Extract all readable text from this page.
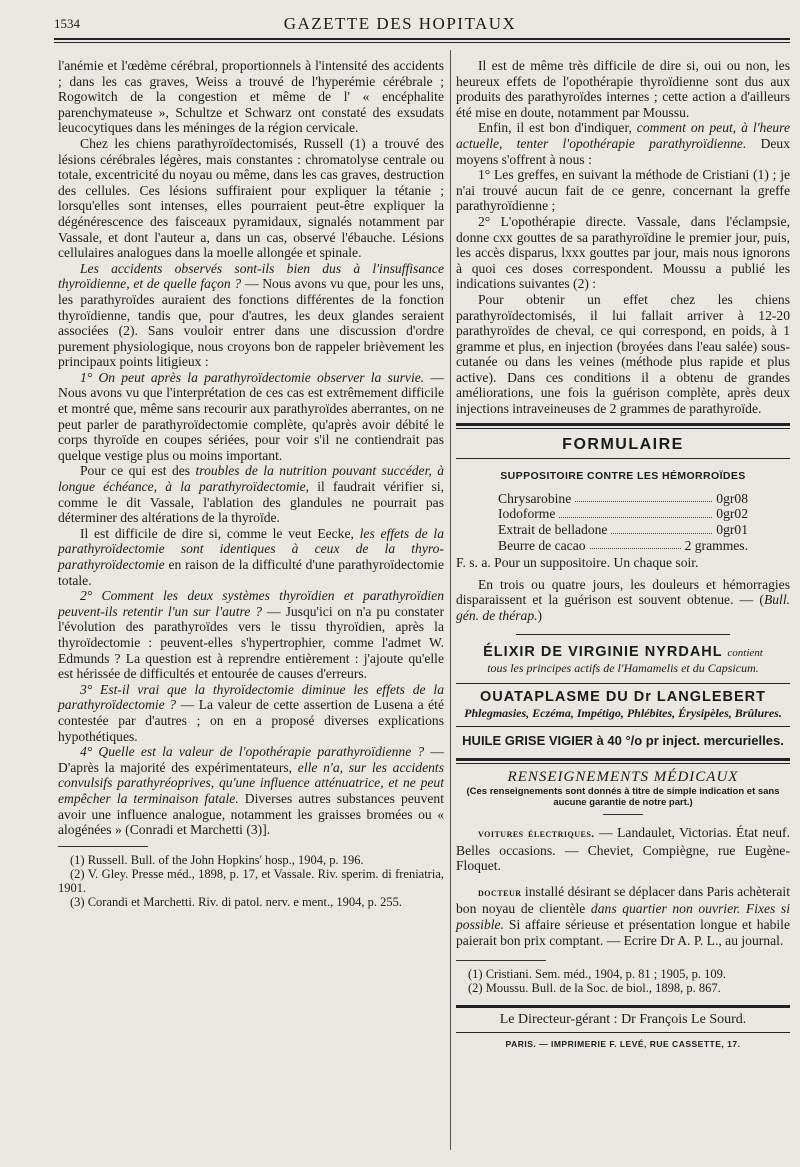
1534	GAZETTE DES HOPITAUX

l'anémie et l'œdème cérébral, proportionnels à l'intensité des accidents ; dans les cas graves, Weiss a trouvé de l'hyperémie cérébrale ; Rogowitch de la congestion et même de l' « encéphalite parenchymateuse », Schultze et Schwarz ont constaté des exsudats leucocytiques dans les méninges de la région cervicale.

Chez les chiens parathyroïdectomisés, Russell (1) a trouvé des lésions cérébrales légères, mais constantes : chromatolyse centrale ou totale, excentricité du noyau ou même, dans les cas graves, destruction des cellules. Ces lésions suffiraient pour expliquer la tétanie ; lorsqu'elles sont intenses, elles pourraient peut-être expliquer la dégénérescence des faisceaux pyramidaux, signalés notamment par Vassale, et dont l'auteur a, dans un cas, observé l'ébauche. Lésions cellulaires analogues dans la moelle allongée et spinale.

Les accidents observés sont-ils bien dus à l'insuffisance thyroïdienne, et de quelle façon ? — Nous avons vu que, pour les uns, les parathyroïdes auraient des fonctions différentes de la fonction thyroïdienne, tandis que, pour d'autres, les deux glandes seraient associées (2). Sans vouloir entrer dans une discussion d'ordre purement physiologique, nous croyons bon de rappeler brièvement les principaux points litigieux :

1° On peut après la parathyroïdectomie observer la survie. — Nous avons vu que l'interprétation de ces cas est extrêmement difficile et montré que, même sans recourir aux parathyroïdes aberrantes, on ne peut parler de parathyroïdectomie complète, qu'après avoir débité le corps thyroïde en coupes sériées, pour voir s'il ne contiendrait pas quelque vestige plus ou moins important.

Pour ce qui est des troubles de la nutrition pouvant succéder, à longue échéance, à la parathyroïdectomie, il faudrait vérifier si, comme le dit Vassale, l'ablation des glandules ne pourrait pas déterminer des altérations de la thyroïde.

Il est difficile de dire si, comme le veut Eecke, les effets de la parathyroïdectomie sont identiques à ceux de la thyro-parathyroïdectomie en raison de la difficulté d'une parathyroïdectomie totale.

2° Comment les deux systèmes thyroïdien et parathyroïdien peuvent-ils retentir l'un sur l'autre ? — Jusqu'ici on n'a pu constater l'évolution des parathyroïdes vers le tissu thyroïdien, après la thyroïdectomie : peuvent-elles s'hypertrophier, comme l'admet W. Edmunds ? La question est à reprendre entièrement : j'ajoute qu'elle est hérissée de difficultés et entourée de causes d'erreurs.

3° Est-il vrai que la thyroïdectomie diminue les effets de la parathyroïdectomie ? — La valeur de cette assertion de Lusena a été contestée par d'autres ; on en a proposé diverses explications hypothétiques.

4° Quelle est la valeur de l'opothérapie parathyroïdienne ? — D'après la majorité des expérimentateurs, elle n'a, sur les accidents convulsifs parathyréoprives, qu'une influence atténuatrice, et ne peut empêcher la terminaison fatale. Diverses autres substances peuvent avoir une influence analogue, notamment les graisses bromées ou « alogénées » (Conradi et Marchetti (3)].

(1) Russell. Bull. of the John Hopkins' hosp., 1904, p. 196.

(2) V. Gley. Presse méd., 1898, p. 17, et Vassale. Riv. sperim. di freniatria, 1901.

(3) Corandi et Marchetti. Riv. di patol. nerv. e ment., 1904, p. 255.

Il est de même très difficile de dire si, oui ou non, les heureux effets de l'opothérapie thyroïdienne sont dus aux produits des parathyroïdes internes ; cette action a d'ailleurs été mise en doute, notamment par Moussu.

Enfin, il est bon d'indiquer, comment on peut, à l'heure actuelle, tenter l'opothérapie parathyroïdienne. Deux moyens s'offrent à nous :

1° Les greffes, en suivant la méthode de Cristiani (1) ; je n'ai trouvé aucun fait de ce genre, concernant la greffe parathyroïdienne ;

2° L'opothérapie directe. Vassale, dans l'éclampsie, donne cxx gouttes de sa parathyroïdine le premier jour, puis, les accès disparus, lxxx gouttes par jour, mais nous ignorons à quoi ces doses correspondent. Moussu a publié les indications suivantes (2) :

Pour obtenir un effet chez les chiens parathyroïdectomisés, il lui fallait arriver à 12-20 parathyroïdes de cheval, ce qui correspond, en poids, à 1 gramme et plus, en injection (broyées dans l'eau salée) sous-cutanée ou dans les veines (méthode plus rapide et plus active). Dans ces conditions il a obtenu de grandes améliorations, une fois la guérison complète, après deux injections intraveineuses de 2 grammes de parathyroïde.

FORMULAIRE
SUPPOSITOIRE CONTRE LES HÉMORROÏDES
Chrysarobine	0gr08
Iodoforme	0gr02
Extrait de belladone	0gr01
Beurre de cacao	2 grammes.

F. s. a. Pour un suppositoire. Un chaque soir.

En trois ou quatre jours, les douleurs et hémorragies disparaissent et la guérison est souvent obtenue. — (Bull. gén. de thérap.)

ÉLIXIR DE VIRGINIE NYRDAHL contient
tous les principes actifs de l'Hamamelis et du Capsicum.
OUATAPLASME DU Dr LANGLEBERT
Phlegmasies, Eczéma, Impétigo, Phlébites, Érysipèles, Brûlures.
HUILE GRISE VIGIER à 40 °/o pr inject. mercurielles.
RENSEIGNEMENTS MÉDICAUX
(Ces renseignements sont donnés à titre de simple indication et sans aucune garantie de notre part.)

voitures électriques. — Landaulet, Victorias. État neuf. Belles occasions. — Cheviet, Compiègne, rue Eugène-Floquet.

docteur installé désirant se déplacer dans Paris achèterait bon noyau de clientèle dans quartier non ouvrier. Fixes si possible. Si affaire sérieuse et présentation longue et habile paierait bon prix comptant. — Ecrire Dr A. P. L., au journal.

(1) Cristiani. Sem. méd., 1904, p. 81 ; 1905, p. 109.

(2) Moussu. Bull. de la Soc. de biol., 1898, p. 867.

Le Directeur-gérant : Dr François Le Sourd.
PARIS. — IMPRIMERIE F. LEVÉ, RUE CASSETTE, 17.
